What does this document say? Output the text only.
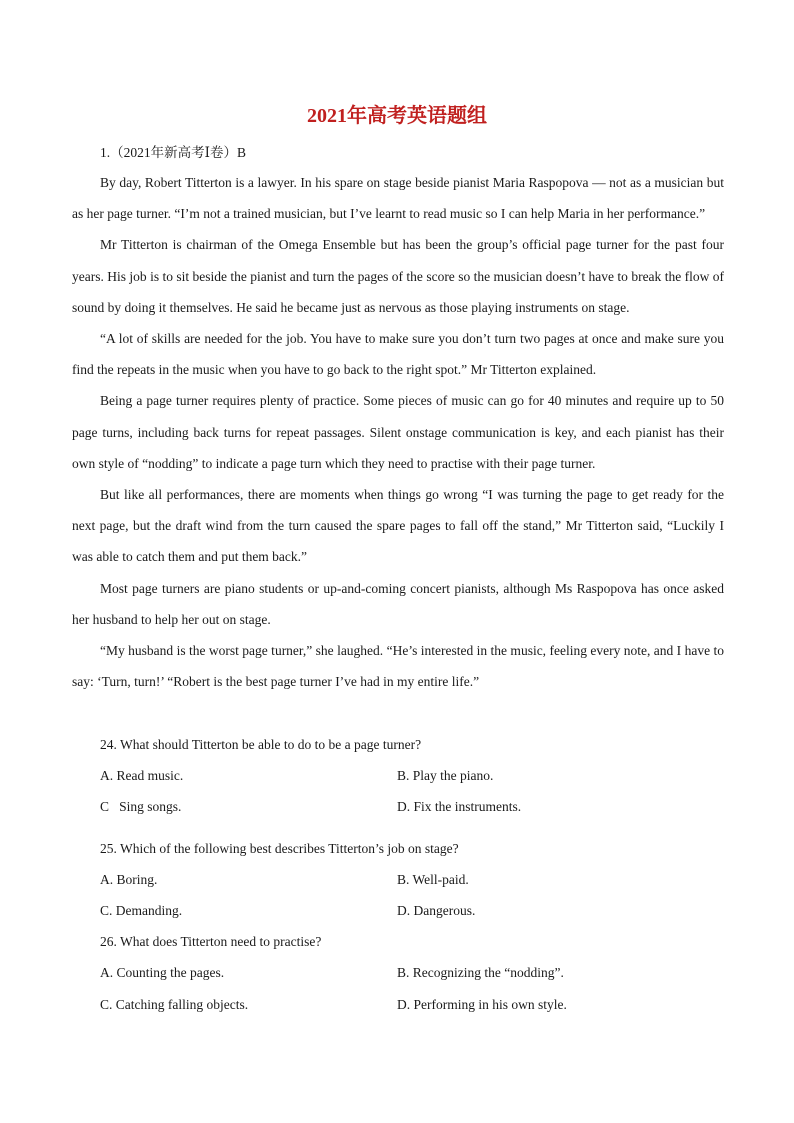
2021年高考英语题组
1.（2021年新高考Ⅰ卷）B

By day, Robert Titterton is a lawyer. In his spare on stage beside pianist Maria Raspopova — not as a musician but as her page turner. “I’m not a trained musician, but I’ve learnt to read music so I can help Maria in her performance.”

Mr Titterton is chairman of the Omega Ensemble but has been the group’s official page turner for the past four years. His job is to sit beside the pianist and turn the pages of the score so the musician doesn’t have to break the flow of sound by doing it themselves. He said he became just as nervous as those playing instruments on stage.

“A lot of skills are needed for the job. You have to make sure you don’t turn two pages at once and make sure you find the repeats in the music when you have to go back to the right spot.” Mr Titterton explained.

Being a page turner requires plenty of practice. Some pieces of music can go for 40 minutes and require up to 50 page turns, including back turns for repeat passages. Silent onstage communication is key, and each pianist has their own style of “nodding” to indicate a page turn which they need to practise with their page turner.

But like all performances, there are moments when things go wrong “I was turning the page to get ready for the next page, but the draft wind from the turn caused the spare pages to fall off the stand,” Mr Titterton said, “Luckily I was able to catch them and put them back.”

Most page turners are piano students or up-and-coming concert pianists, although Ms Raspopova has once asked her husband to help her out on stage.

“My husband is the worst page turner,” she laughed. “He’s interested in the music, feeling every note, and I have to say: ‘Turn, turn!’ “Robert is the best page turner I’ve had in my entire life.”

24. What should Titterton be able to do to be a page turner?
A. Read music.	B. Play the piano.
C   Sing songs.	D. Fix the instruments.
25. Which of the following best describes Titterton’s job on stage?
A. Boring.	B. Well-paid.
C. Demanding.	D. Dangerous.
26. What does Titterton need to practise?
A. Counting the pages.	B. Recognizing the “nodding”.
C. Catching falling objects.	D. Performing in his own style.
